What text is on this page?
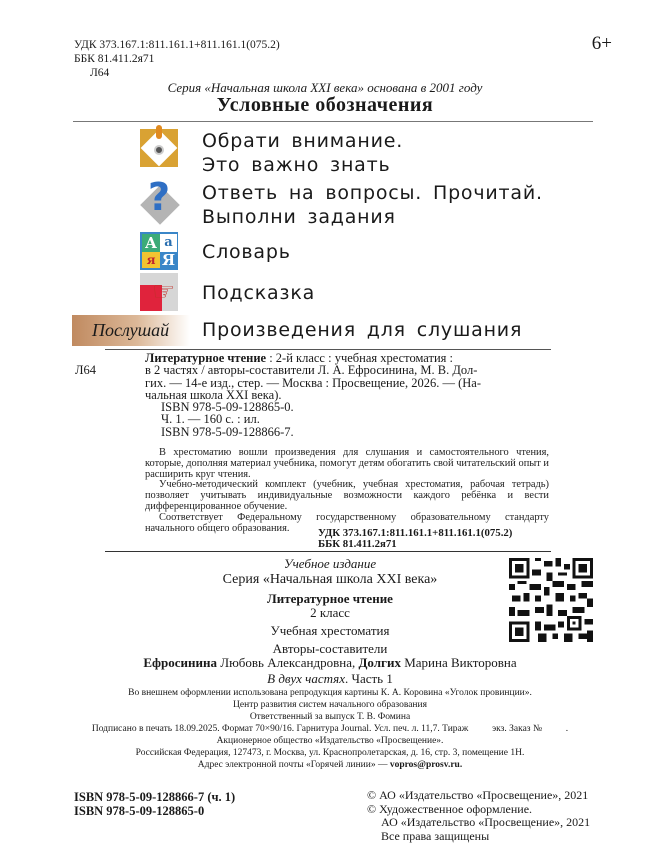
УДК 373.167.1:811.161.1+811.161.1(075.2)
ББК 81.411.2я71
Л64
6+
Серия «Начальная школа XXI века» основана в 2001 году
Условные обозначения
Обрати внимание.
Это важно знать
? Ответь на вопросы. Прочитай.
Выполни задания
А а
я Я Словарь
☞ Подсказка
Послушай	Произведения для слушания
Л64

Литературное чтение : 2-й класс : учебная хрестоматия :

в 2 частях / авторы-составители Л. А. Ефросинина, М. В. Дол-

гих. — 14-е изд., стер. — Москва : Просвещение, 2026. — (На-

чальная школа XXI века).

ISBN 978-5-09-128865-0.

Ч. 1. — 160 с. : ил.

ISBN 978-5-09-128866-7.

В хрестоматию вошли произведения для слушания и самостоятельного чтения, которые, дополняя материал учебника, помогут детям обогатить свой читательский опыт и расширить круг чтения.

Учебно-методический комплект (учебник, учебная хрестоматия, рабочая тетрадь) позволяет учитывать индивидуальные возможности каждого ребёнка и вести дифференцированное обучение.

Соответствует Федеральному государственному образовательному стандарту начального общего образования.	УДК 373.167.1:811.161.1+811.161.1(075.2)
ББК 81.411.2я71
Учебное издание
Серия «Начальная школа XXI века»
Литературное чтение
2 класс
Учебная хрестоматия
Авторы-составители
Ефросинина Любовь Александровна, Долгих Марина Викторовна
В двух частях. Часть 1
Во внешнем оформлении использована репродукция картины К. А. Коровина «Уголок провинции».
Центр развития систем начального образования
Ответственный за выпуск Т. В. Фомина
Подписано в печать 18.09.2025. Формат 70×90/16. Гарнитура Journal. Усл. печ. л. 11,7. Тираж          экз. Заказ №          .
Акционерное общество «Издательство «Просвещение».
Российская Федерация, 127473, г. Москва, ул. Краснопролетарская, д. 16, стр. 3, помещение 1Н.
Адрес электронной почты «Горячей линии» — vopros@prosv.ru.
ISBN 978-5-09-128866-7 (ч. 1)
ISBN 978-5-09-128865-0
© АО «Издательство «Просвещение», 2021
© Художественное оформление.
АО «Издательство «Просвещение», 2021
Все права защищены
